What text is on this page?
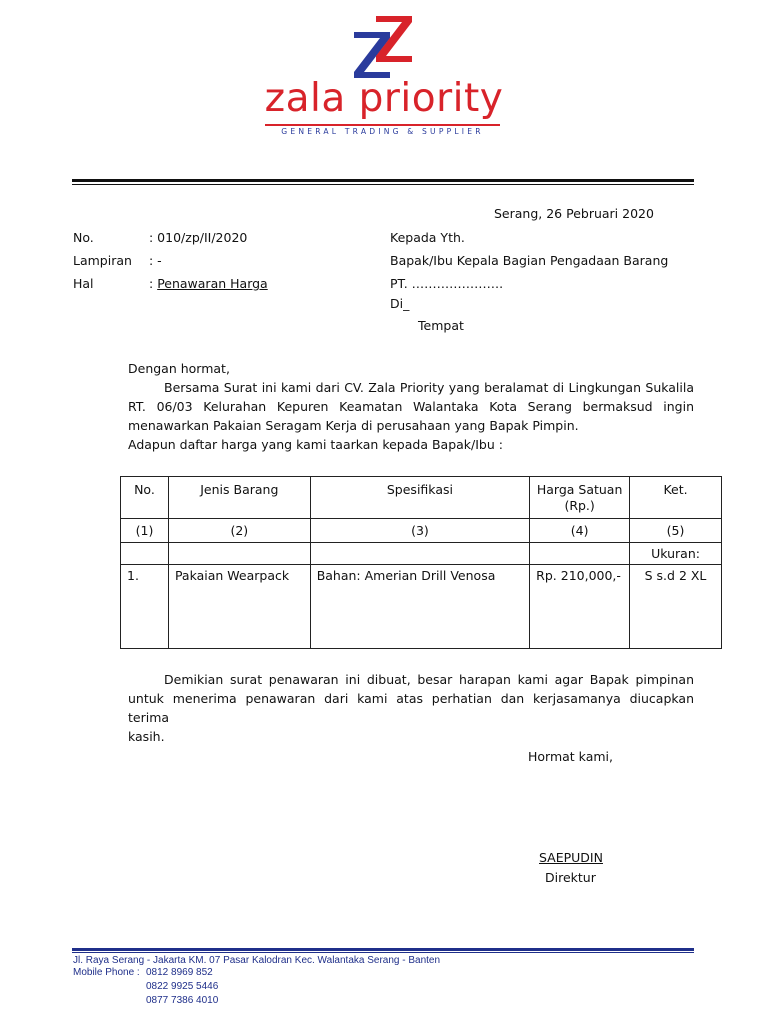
zala priority
GENERAL TRADING & SUPPLIER
Serang, 26 Pebruari 2020
No.	: 010/zp/II/2020
Lampiran : -
Hal	: Penawaran Harga
Kepada Yth.
Bapak/Ibu Kepala Bagian Pengadaan Barang
PT. ………………….
Di_
Tempat
Dengan hormat,
Bersama Surat ini kami dari CV. Zala Priority yang beralamat di Lingkungan Sukalila
RT. 06/03 Kelurahan Kepuren Keamatan Walantaka Kota Serang bermaksud ingin
menawarkan Pakaian Seragam Kerja di perusahaan yang Bapak Pimpin.
Adapun daftar harga yang kami taarkan kepada Bapak/Ibu :
No.	Jenis Barang	Spesifikasi	Harga Satuan (Rp.)	Ket.
(1)	(2)	(3)	(4)	(5)
				Ukuran:
1.	Pakaian Wearpack	Bahan: Amerian Drill Venosa	Rp. 210,000,-	S s.d 2 XL
Demikian surat penawaran ini dibuat, besar harapan kami agar Bapak pimpinan
untuk menerima penawaran dari kami atas perhatian dan kerjasamanya diucapkan terima
kasih.
Hormat kami,
SAEPUDIN
Direktur
Jl. Raya Serang - Jakarta KM. 07 Pasar Kalodran Kec. Walantaka Serang - Banten
Mobile Phone : 0812 8969 852
0822 9925 5446
0877 7386 4010
